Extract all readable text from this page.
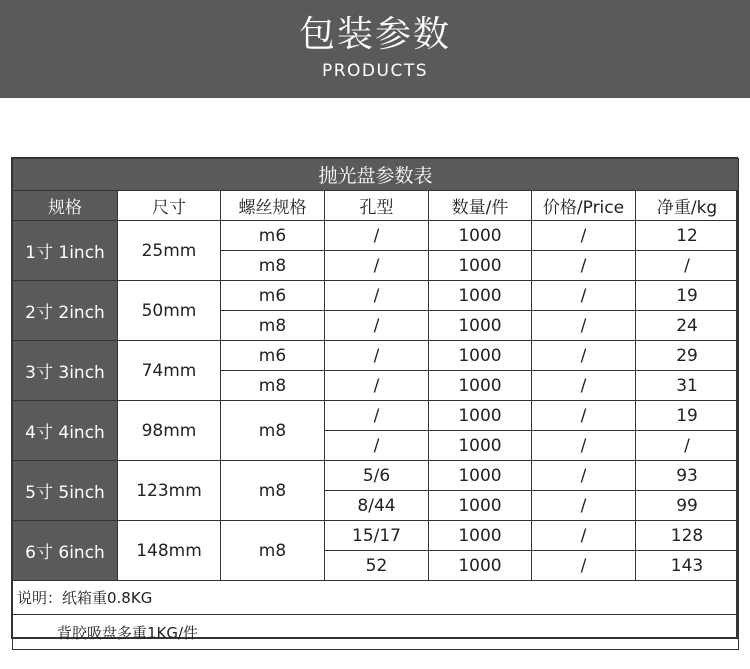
包装参数
PRODUCTS
抛光盘参数表						
规格	尺寸	螺丝规格	孔型	数量/件	价格/Price	净重/kg
1寸 1inch	25mm	m6	/	1000	/	12
		m8	/	1000	/	/
2寸 2inch	50mm	m6	/	1000	/	19
		m8	/	1000	/	24
3寸 3inch	74mm	m6	/	1000	/	29
		m8	/	1000	/	31
4寸 4inch	98mm	m8	/	1000	/	19
			/	1000	/	/
5寸 5inch	123mm	m8	5/6	1000	/	93
			8/44	1000	/	99
6寸 6inch	148mm	m8	15/17	1000	/	128
			52	1000	/	143
说明：纸箱重0.8KG						
背胶吸盘多重1KG/件						
